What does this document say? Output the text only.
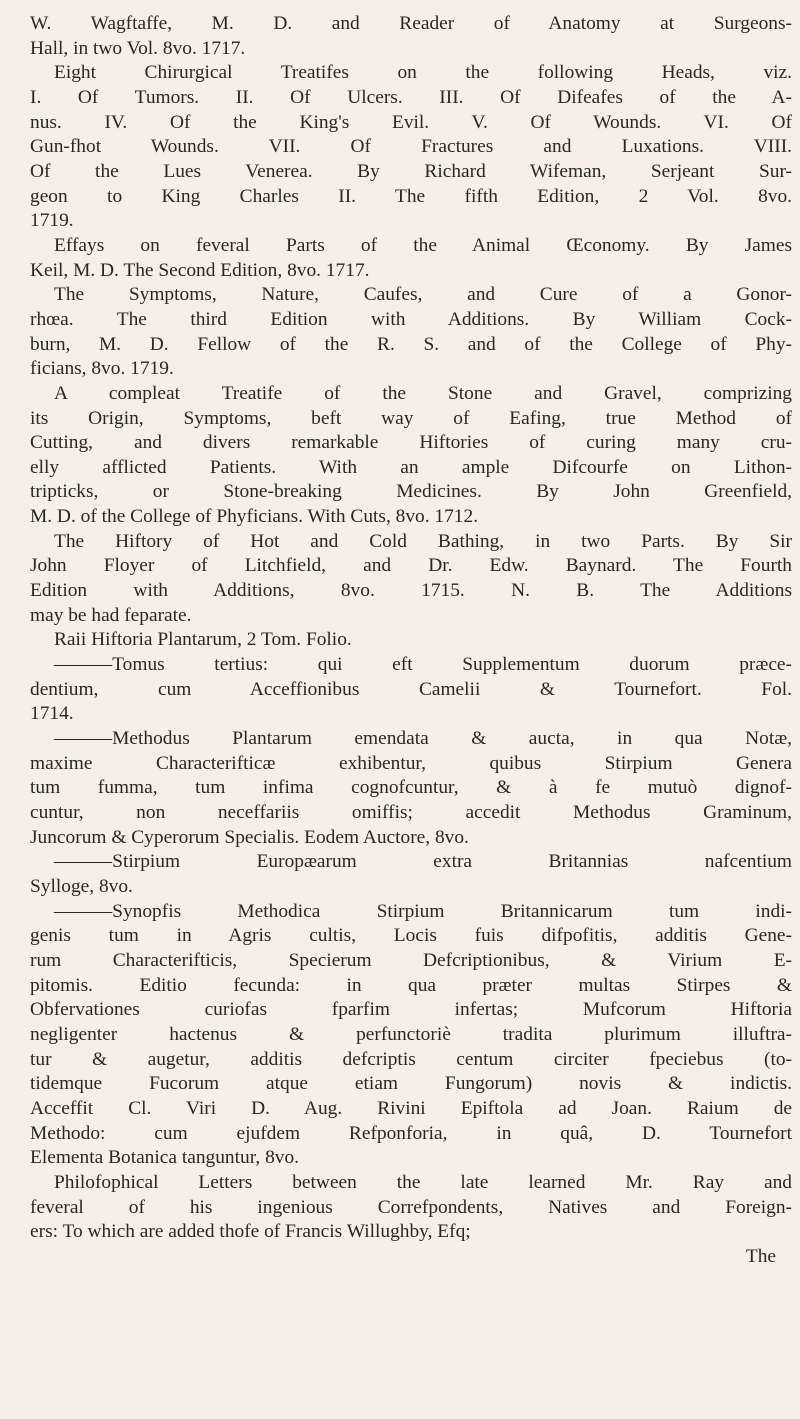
W. Wagftaffe, M. D. and Reader of Anatomy at Surgeons-
Hall, in two Vol. 8vo. 1717.
Eight Chirurgical Treatifes on the following Heads, viz.
I. Of Tumors. II. Of Ulcers. III. Of Difeafes of the A-
nus. IV. Of the King's Evil. V. Of Wounds. VI. Of
Gun-fhot Wounds. VII. Of Fractures and Luxations. VIII.
Of the Lues Venerea. By Richard Wifeman, Serjeant Sur-
geon to King Charles II. The fifth Edition, 2 Vol. 8vo.
1719.
Effays on feveral Parts of the Animal Œconomy. By James
Keil, M. D. The Second Edition, 8vo. 1717.
The Symptoms, Nature, Caufes, and Cure of a Gonor-
rhœa. The third Edition with Additions. By William Cock-
burn, M. D. Fellow of the R. S. and of the College of Phy-
ficians, 8vo. 1719.
A compleat Treatife of the Stone and Gravel, comprizing
its Origin, Symptoms, beft way of Eafing, true Method of
Cutting, and divers remarkable Hiftories of curing many cru-
elly afflicted Patients. With an ample Difcourfe on Lithon-
tripticks, or Stone-breaking Medicines. By John Greenfield,
M. D. of the College of Phyficians. With Cuts, 8vo. 1712.
The Hiftory of Hot and Cold Bathing, in two Parts. By Sir
John Floyer of Litchfield, and Dr. Edw. Baynard. The Fourth
Edition with Additions, 8vo. 1715. N. B. The Additions
may be had feparate.
Raii Hiftoria Plantarum, 2 Tom. Folio.
———Tomus tertius: qui eft Supplementum duorum præce-
dentium, cum Acceffionibus Camelii & Tournefort. Fol.
1714.
———Methodus Plantarum emendata & aucta, in qua Notæ,
maxime Characterifticæ exhibentur, quibus Stirpium Genera
tum fumma, tum infima cognofcuntur, & à fe mutuò dignof-
cuntur, non neceffariis omiffis; accedit Methodus Graminum,
Juncorum & Cyperorum Specialis. Eodem Auctore, 8vo.
———Stirpium Europæarum extra Britannias nafcentium
Sylloge, 8vo.
———Synopfis Methodica Stirpium Britannicarum tum indi-
genis tum in Agris cultis, Locis fuis difpofitis, additis Gene-
rum Characterifticis, Specierum Defcriptionibus, & Virium E-
pitomis. Editio fecunda: in qua præter multas Stirpes &
Obfervationes curiofas fparfim infertas; Mufcorum Hiftoria
negligenter hactenus & perfunctoriè tradita plurimum illuftra-
tur & augetur, additis defcriptis centum circiter fpeciebus (to-
tidemque Fucorum atque etiam Fungorum) novis & indictis.
Acceffit Cl. Viri D. Aug. Rivini Epiftola ad Joan. Raium de
Methodo: cum ejufdem Refponforia, in quâ, D. Tournefort
Elementa Botanica tanguntur, 8vo.
Philofophical Letters between the late learned Mr. Ray and
feveral of his ingenious Correfpondents, Natives and Foreign-
ers: To which are added thofe of Francis Willughby, Efq;
The
